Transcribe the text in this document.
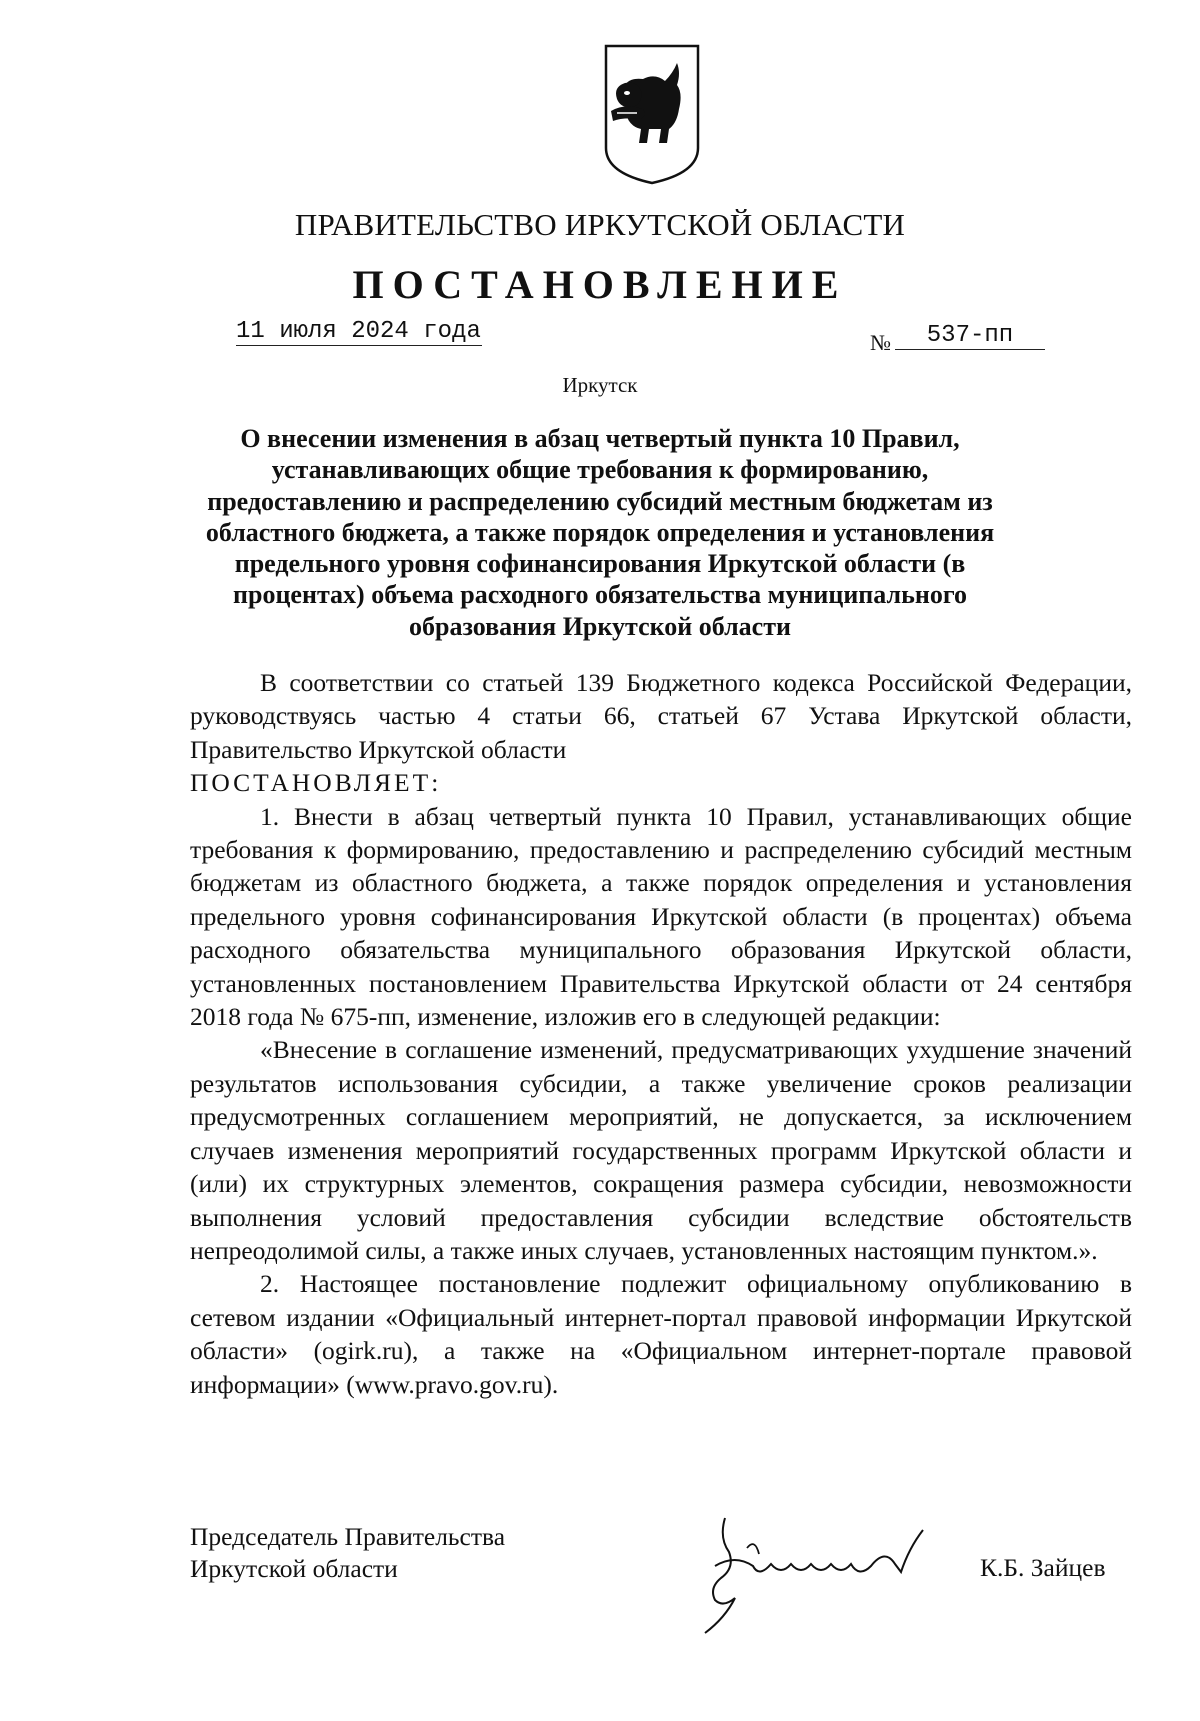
ПРАВИТЕЛЬСТВО ИРКУТСКОЙ ОБЛАСТИ
ПОСТАНОВЛЕНИЕ
11 июля 2024 года	№	537-пп
Иркутск
О внесении изменения в абзац четвертый пункта 10 Правил, устанавливающих общие требования к формированию, предоставлению и распределению субсидий местным бюджетам из областного бюджета, а также порядок определения и установления предельного уровня софинансирования Иркутской области (в процентах) объема расходного обязательства муниципального образования Иркутской области

В соответствии со статьей 139 Бюджетного кодекса Российской Федерации, руководствуясь частью 4 статьи 66, статьей 67 Устава Иркутской области, Правительство Иркутской области

ПОСТАНОВЛЯЕТ:

1. Внести в абзац четвертый пункта 10 Правил, устанавливающих общие требования к формированию, предоставлению и распределению субсидий местным бюджетам из областного бюджета, а также порядок определения и установления предельного уровня софинансирования Иркутской области (в процентах) объема расходного обязательства муниципального образования Иркутской области, установленных постановлением Правительства Иркутской области от 24 сентября 2018 года № 675-пп, изменение, изложив его в следующей редакции:

«Внесение в соглашение изменений, предусматривающих ухудшение значений результатов использования субсидии, а также увеличение сроков реализации предусмотренных соглашением мероприятий, не допускается, за исключением случаев изменения мероприятий государственных программ Иркутской области и (или) их структурных элементов, сокращения размера субсидии, невозможности выполнения условий предоставления субсидии вследствие обстоятельств непреодолимой силы, а также иных случаев, установленных настоящим пунктом.».

2. Настоящее постановление подлежит официальному опубликованию в сетевом издании «Официальный интернет-портал правовой информации Иркутской области» (ogirk.ru), а также на «Официальном интернет-портале правовой информации» (www.pravo.gov.ru).

Председатель Правительства
Иркутской области	К.Б. Зайцев
